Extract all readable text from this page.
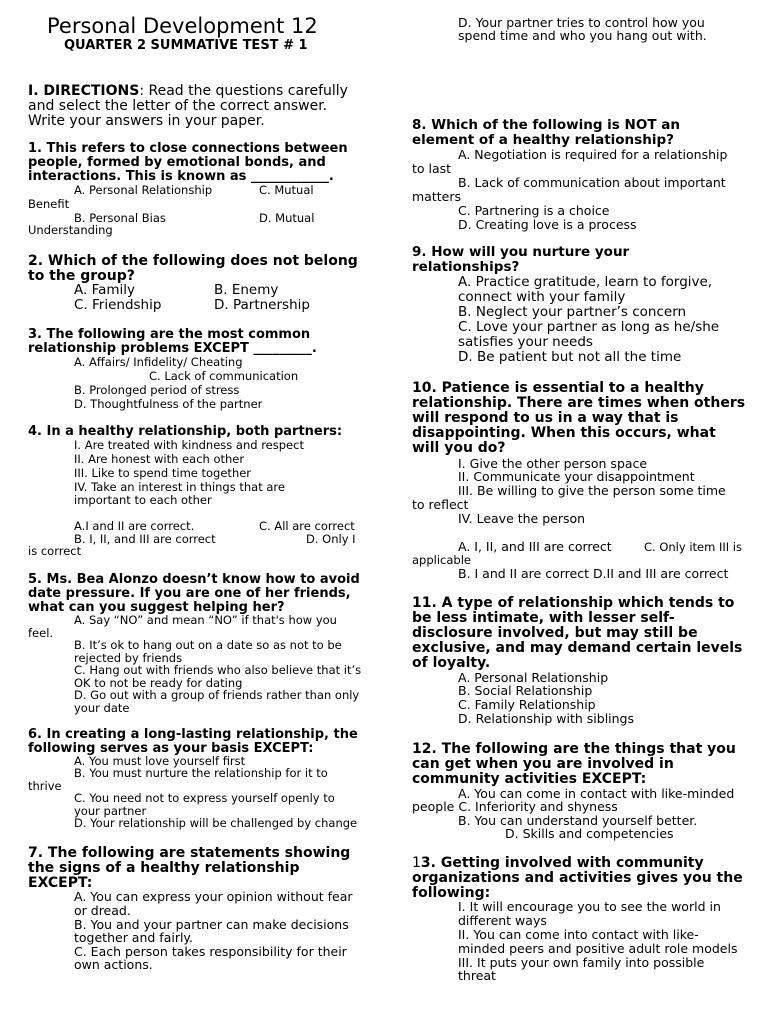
Personal Development 12
QUARTER 2 SUMMATIVE TEST # 1
I. DIRECTIONS: Read the questions carefully
and select the letter of the correct answer.
Write your answers in your paper.
1. This refers to close connections between
people, formed by emotional bonds, and
interactions. This is known as ____________.
A. Personal Relationship	C. Mutual
Benefit
B. Personal Bias	D. Mutual
Understanding
2. Which of the following does not belong
to the group?
A. Family	B. Enemy
C. Friendship	D. Partnership
3. The following are the most common
relationship problems EXCEPT _________.
A. Affairs/ Infidelity/ Cheating
C. Lack of communication
B. Prolonged period of stress
D. Thoughtfulness of the partner
4. In a healthy relationship, both partners:
I. Are treated with kindness and respect
II. Are honest with each other
III. Like to spend time together
IV. Take an interest in things that are
important to each other
A.I and II are correct.	C. All are correct
B. I, II, and III are correct	D. Only I
is correct
5. Ms. Bea Alonzo doesn’t know how to avoid
date pressure. If you are one of her friends,
what can you suggest helping her?
A. Say “NO” and mean “NO” if that's how you
feel.
B. It’s ok to hang out on a date so as not to be
rejected by friends
C. Hang out with friends who also believe that it’s
OK to not be ready for dating
D. Go out with a group of friends rather than only
your date
6. In creating a long-lasting relationship, the
following serves as your basis EXCEPT:
A. You must love yourself first
B. You must nurture the relationship for it to
thrive
C. You need not to express yourself openly to
your partner
D. Your relationship will be challenged by change
7. The following are statements showing
the signs of a healthy relationship
EXCEPT:
A. You can express your opinion without fear
or dread.
B. You and your partner can make decisions
together and fairly.
C. Each person takes responsibility for their
own actions.
D. Your partner tries to control how you
spend time and who you hang out with.
8. Which of the following is NOT an
element of a healthy relationship?
A. Negotiation is required for a relationship
to last
B. Lack of communication about important
matters
C. Partnering is a choice
D. Creating love is a process
9. How will you nurture your
relationships?
A. Practice gratitude, learn to forgive,
connect with your family
B. Neglect your partner’s concern
C. Love your partner as long as he/she
satisfies your needs
D. Be patient but not all the time
10. Patience is essential to a healthy
relationship. There are times when others
will respond to us in a way that is
disappointing. When this occurs, what
will you do?
I. Give the other person space
II. Communicate your disappointment
III. Be willing to give the person some time
to reflect
IV. Leave the person
A. I, II, and III are correct	C. Only item III is
applicable
B. I and II are correct D.II and III are correct
11. A type of relationship which tends to
be less intimate, with lesser self-
disclosure involved, but may still be
exclusive, and may demand certain levels
of loyalty.
A. Personal Relationship
B. Social Relationship
C. Family Relationship
D. Relationship with siblings
12. The following are the things that you
can get when you are involved in
community activities EXCEPT:
A. You can come in contact with like-minded
people C. Inferiority and shyness
B. You can understand yourself better.
D. Skills and competencies
13. Getting involved with community
organizations and activities gives you the
following:
I. It will encourage you to see the world in
different ways
II. You can come into contact with like-
minded peers and positive adult role models
III. It puts your own family into possible
threat
